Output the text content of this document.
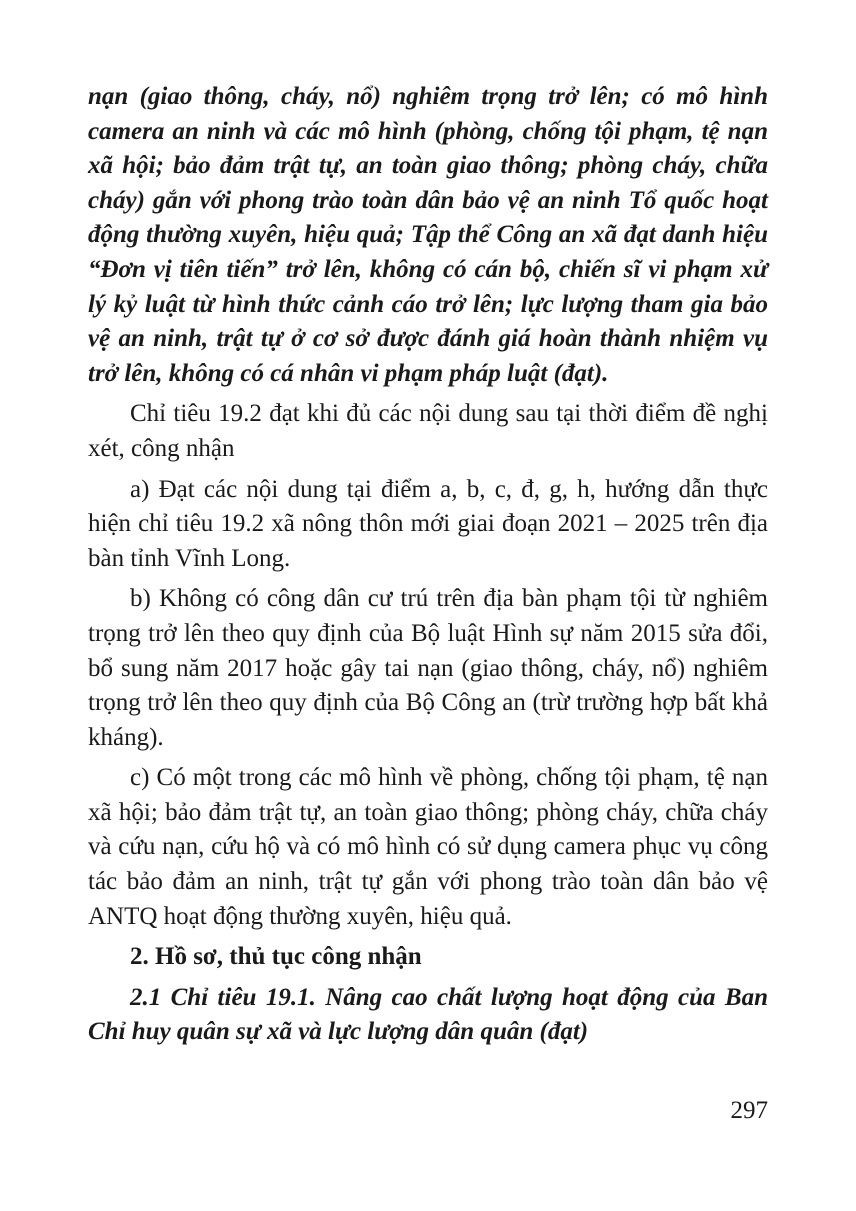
nạn (giao thông, cháy, nổ) nghiêm trọng trở lên; có mô hình camera an ninh và các mô hình (phòng, chống tội phạm, tệ nạn xã hội; bảo đảm trật tự, an toàn giao thông; phòng cháy, chữa cháy) gắn với phong trào toàn dân bảo vệ an ninh Tổ quốc hoạt động thường xuyên, hiệu quả; Tập thể Công an xã đạt danh hiệu “Đơn vị tiên tiến” trở lên, không có cán bộ, chiến sĩ vi phạm xử lý kỷ luật từ hình thức cảnh cáo trở lên; lực lượng tham gia bảo vệ an ninh, trật tự ở cơ sở được đánh giá hoàn thành nhiệm vụ trở lên, không có cá nhân vi phạm pháp luật (đạt).

Chỉ tiêu 19.2 đạt khi đủ các nội dung sau tại thời điểm đề nghị xét, công nhận

a) Đạt các nội dung tại điểm a, b, c, đ, g, h, hướng dẫn thực hiện chỉ tiêu 19.2 xã nông thôn mới giai đoạn 2021 – 2025 trên địa bàn tỉnh Vĩnh Long.

b) Không có công dân cư trú trên địa bàn phạm tội từ nghiêm trọng trở lên theo quy định của Bộ luật Hình sự năm 2015 sửa đổi, bổ sung năm 2017 hoặc gây tai nạn (giao thông, cháy, nổ) nghiêm trọng trở lên theo quy định của Bộ Công an (trừ trường hợp bất khả kháng).

c) Có một trong các mô hình về phòng, chống tội phạm, tệ nạn xã hội; bảo đảm trật tự, an toàn giao thông; phòng cháy, chữa cháy và cứu nạn, cứu hộ và có mô hình có sử dụng camera phục vụ công tác bảo đảm an ninh, trật tự gắn với phong trào toàn dân bảo vệ ANTQ hoạt động thường xuyên, hiệu quả.

2. Hồ sơ, thủ tục công nhận

2.1 Chỉ tiêu 19.1. Nâng cao chất lượng hoạt động của Ban Chỉ huy quân sự xã và lực lượng dân quân (đạt)

297
